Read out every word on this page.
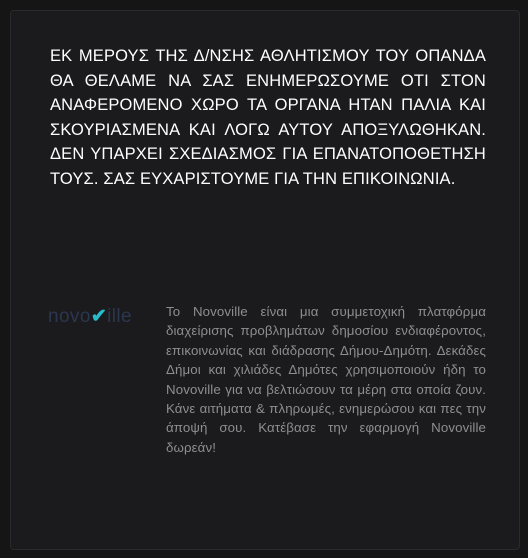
ΕΚ ΜΕΡΟΥΣ ΤΗΣ Δ/ΝΣΗΣ ΑΘΛΗΤΙΣΜΟΥ ΤΟΥ ΟΠΑΝΔΑ ΘΑ ΘΕΛΑΜΕ ΝΑ ΣΑΣ ΕΝΗΜΕΡΩΣΟΥΜΕ ΟΤΙ ΣΤΟΝ ΑΝΑΦΕΡΟΜΕΝΟ ΧΩΡΟ ΤΑ ΟΡΓΑΝΑ ΗΤΑΝ ΠΑΛΙΑ ΚΑΙ ΣΚΟΥΡΙΑΣΜΕΝΑ ΚΑΙ ΛΟΓΩ ΑΥΤΟΥ ΑΠΟΞΥΛΩΘΗΚΑΝ. ΔΕΝ ΥΠΑΡΧΕΙ ΣΧΕΔΙΑΣΜΟΣ ΓΙΑ ΕΠΑΝΑΤΟΠΟΘΕΤΗΣΗ ΤΟΥΣ. ΣΑΣ ΕΥΧΑΡΙΣΤΟΥΜΕ ΓΙΑ ΤΗΝ ΕΠΙΚΟΙΝΩΝΙΑ.

novo✔ille	Το Novoville είναι μια συμμετοχική πλατφόρμα διαχείρισης προβλημάτων δημοσίου ενδιαφέροντος, επικοινωνίας και διάδρασης Δήμου-Δημότη. Δεκάδες Δήμοι και χιλιάδες Δημότες χρησιμοποιούν ήδη το Novoville για να βελτιώσουν τα μέρη στα οποία ζουν. Κάνε αιτήματα & πληρωμές, ενημερώσου και πες την άποψή σου. Κατέβασε την εφαρμογή Novoville δωρεάν!
